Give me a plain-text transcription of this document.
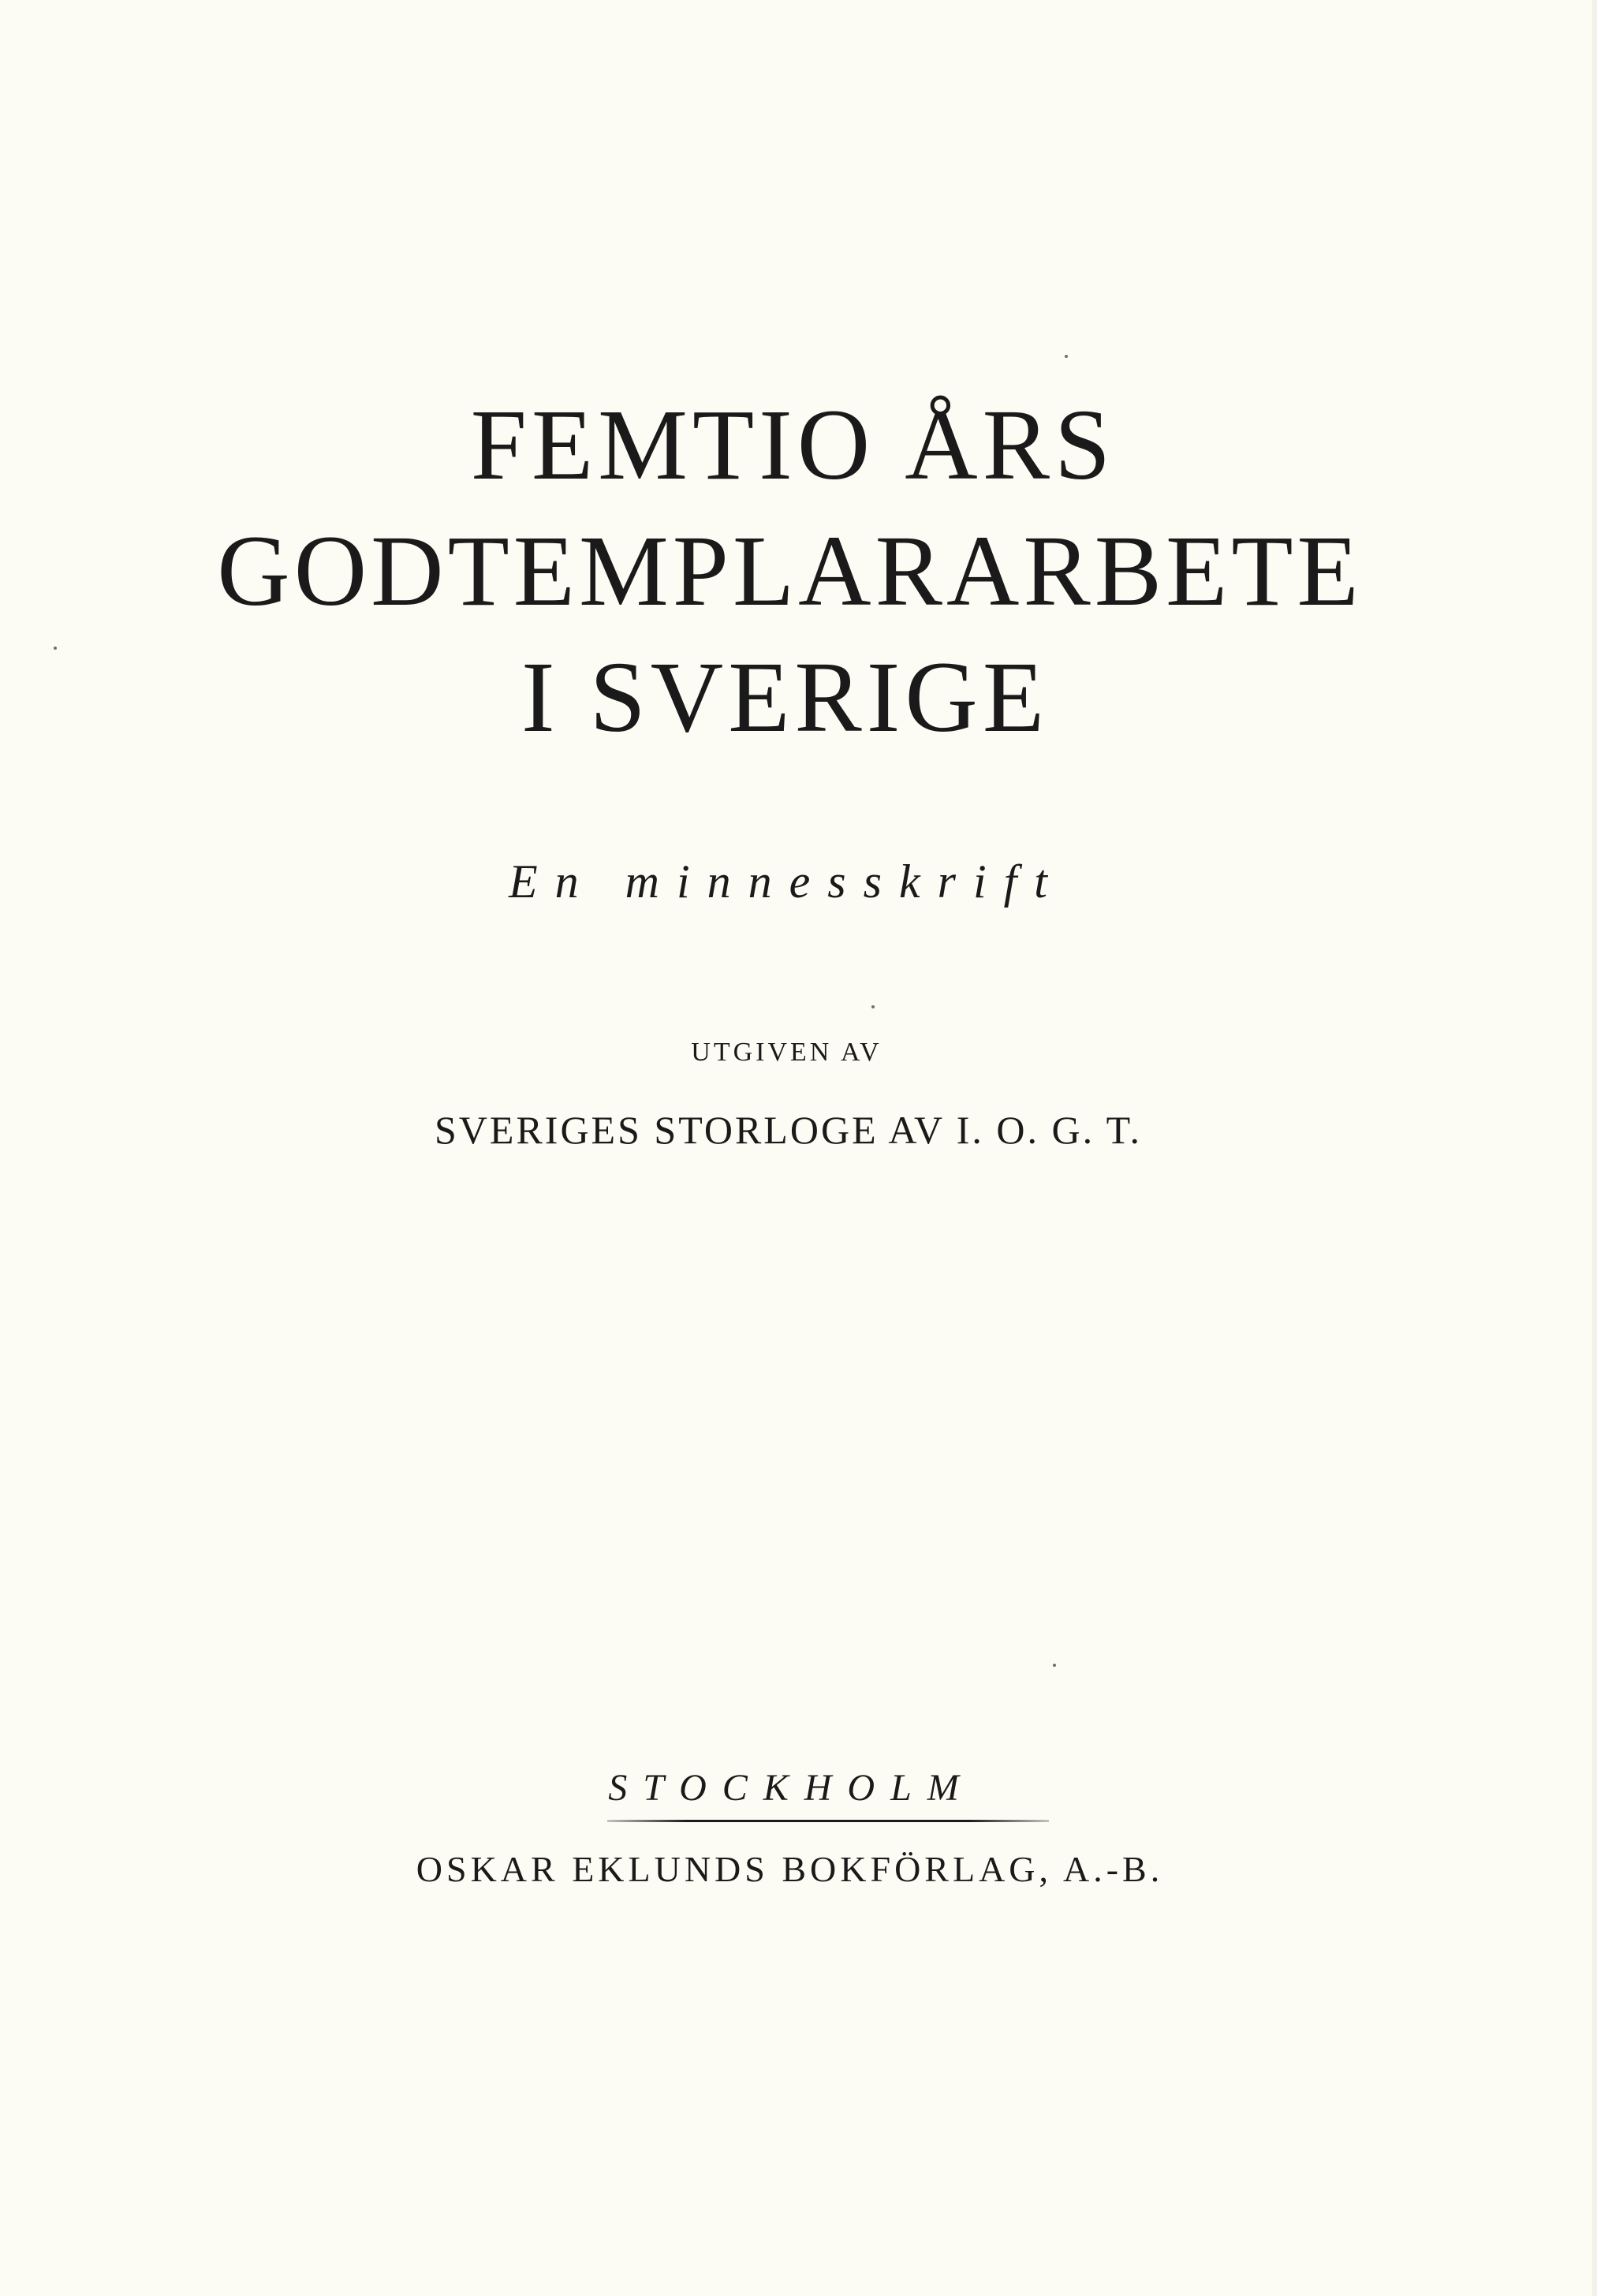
FEMTIO ÅRS
GODTEMPLARARBETE
I SVERIGE
En minnesskrift
UTGIVEN AV
SVERIGES STORLOGE AV I. O. G. T.
STOCKHOLM
OSKAR EKLUNDS BOKFÖRLAG, A.-B.
